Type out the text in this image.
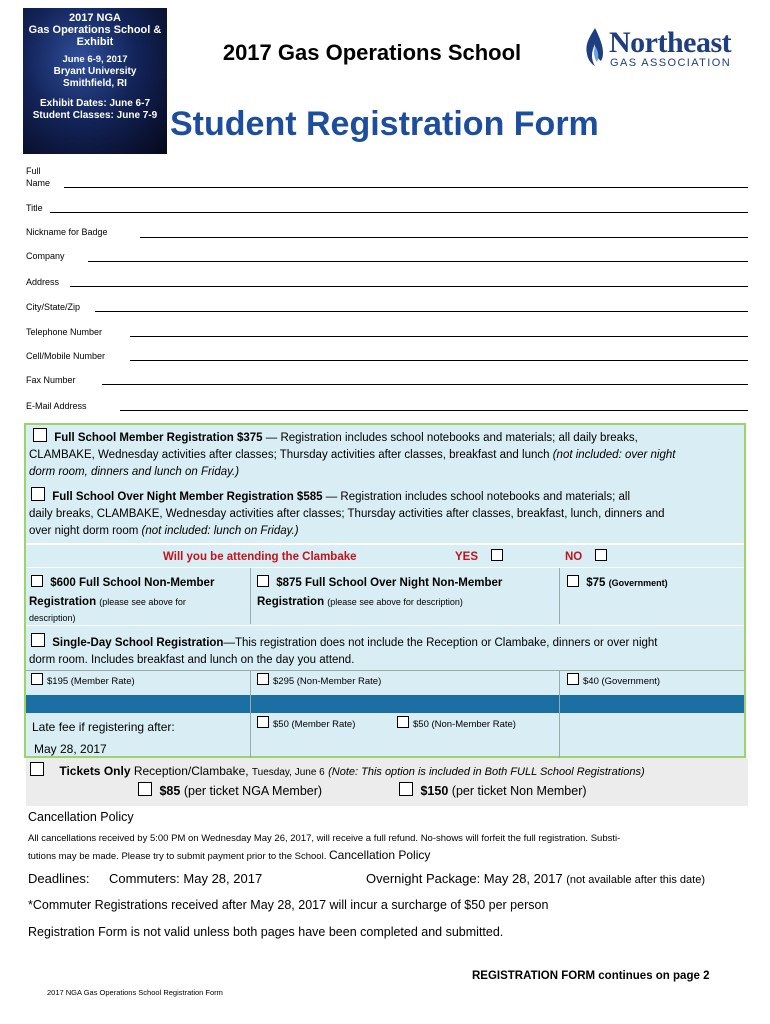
2017 NGA
Gas Operations School & Exhibit
June 6-9, 2017
Bryant University
Smithfield, RI
Exhibit Dates: June 6-7
Student Classes: June 7-9
2017 Gas Operations School	Northeast
GAS ASSOCIATION
Student Registration Form
Full Name
Title
Nickname for Badge
Company
Address
City/State/Zip
Telephone Number
Cell/Mobile Number
Fax Number
E-Mail Address
Full School Member Registration $375 — Registration includes school notebooks and materials; all daily breaks,
CLAMBAKE, Wednesday activities after classes; Thursday activities after classes, breakfast and lunch (not included: over night
dorm room, dinners and lunch on Friday.)
Full School Over Night Member Registration $585 — Registration includes school notebooks and materials; all
daily breaks, CLAMBAKE, Wednesday activities after classes; Thursday activities after classes, breakfast, lunch, dinners and
over night dorm room (not included: lunch on Friday.)
Will you be attending the Clambake	YES	NO
$600 Full School Non-Member
Registration (please see above for
description)
$875 Full School Over Night Non-Member
Registration (please see above for description)
$75 (Government)
Single-Day School Registration—This registration does not include the Reception or Clambake, dinners or over night
dorm room. Includes breakfast and lunch on the day you attend.
$195 (Member Rate)	$295 (Non-Member Rate)	$40 (Government)
Late fee if registering after:
May 28, 2017
$50 (Member Rate)	$50 (Non-Member Rate)
Tickets Only Reception/Clambake, Tuesday, June 6 (Note: This option is included in Both FULL School Registrations)
$85 (per ticket NGA Member)	$150 (per ticket Non Member)
Cancellation Policy
All cancellations received by 5:00 PM on Wednesday May 26, 2017, will receive a full refund. No-shows will forfeit the full registration. Substi-
tutions may be made. Please try to submit payment prior to the School. Cancellation Policy
Deadlines: Commuters: May 28, 2017	Overnight Package: May 28, 2017 (not available after this date)
*Commuter Registrations received after May 28, 2017 will incur a surcharge of $50 per person
Registration Form is not valid unless both pages have been completed and submitted.
REGISTRATION FORM continues on page 2
2017 NGA Gas Operations School Registration Form
